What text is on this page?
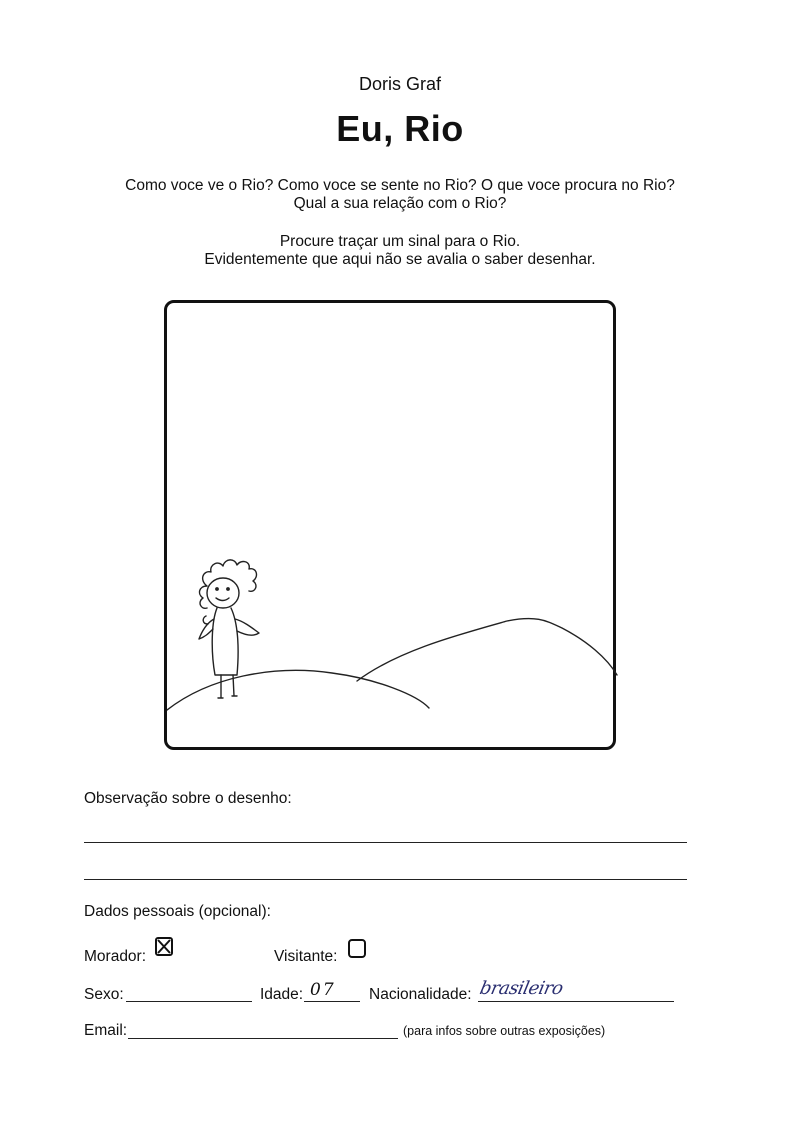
Doris Graf
Eu, Rio
Como voce ve o Rio? Como voce se sente no Rio? O que voce procura no Rio?
Qual a sua relação com o Rio?
Procure traçar um sinal para o Rio.
Evidentemente que aqui não se avalia o saber desenhar.
Observação sobre o desenho:
Dados pessoais (opcional):
Morador:	Visitante:
Sexo:	Idade: 07 Nacionalidade: brasileiro
Email:	(para infos sobre outras exposições)
